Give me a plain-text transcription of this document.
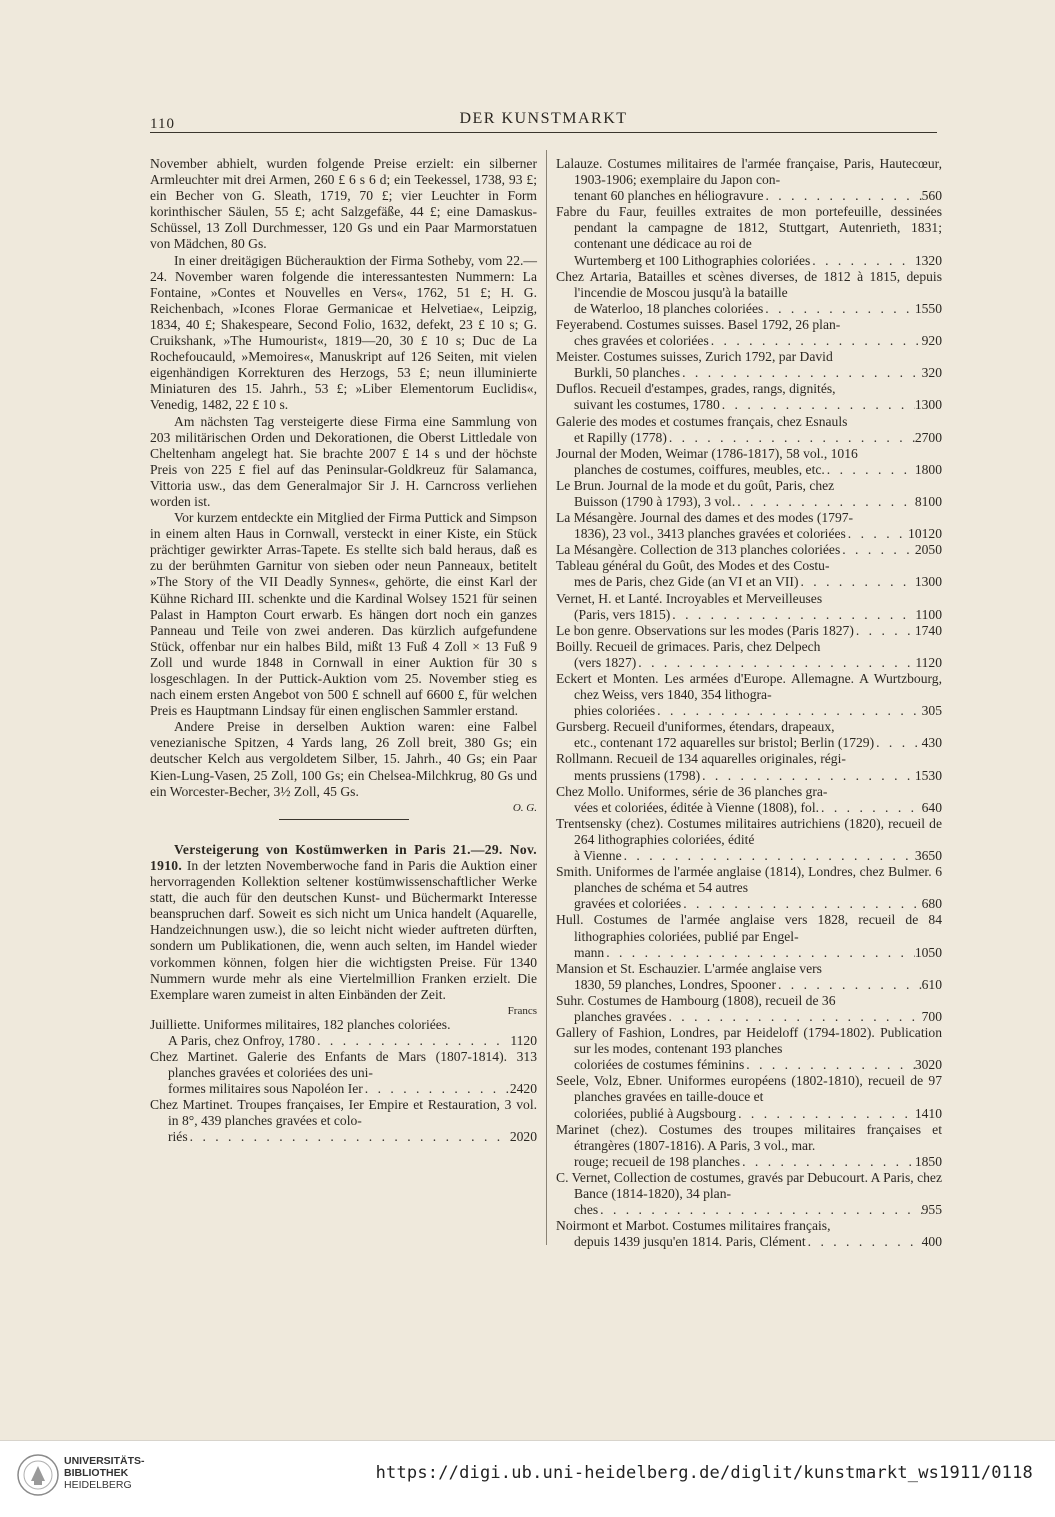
110	DER KUNSTMARKT

November abhielt, wurden folgende Preise erzielt: ein silberner Armleuchter mit drei Armen, 260 £ 6 s 6 d; ein Teekessel, 1738, 93 £; ein Becher von G. Sleath, 1719, 70 £; vier Leuchter in Form korinthischer Säulen, 55 £; acht Salzgefäße, 44 £; eine Damaskus-Schüssel, 13 Zoll Durchmesser, 120 Gs und ein Paar Marmorstatuen von Mädchen, 80 Gs.

In einer dreitägigen Bücherauktion der Firma Sotheby, vom 22.—24. November waren folgende die interessantesten Nummern: La Fontaine, »Contes et Nouvelles en Vers«, 1762, 51 £; H. G. Reichenbach, »Icones Florae Germanicae et Helvetiae«, Leipzig, 1834, 40 £; Shakespeare, Second Folio, 1632, defekt, 23 £ 10 s; G. Cruikshank, »The Humourist«, 1819—20, 30 £ 10 s; Duc de La Rochefoucauld, »Memoires«, Manuskript auf 126 Seiten, mit vielen eigenhändigen Korrekturen des Herzogs, 53 £; neun illuminierte Miniaturen des 15. Jahrh., 53 £; »Liber Elementorum Euclidis«, Venedig, 1482, 22 £ 10 s.

Am nächsten Tag versteigerte diese Firma eine Sammlung von 203 militärischen Orden und Dekorationen, die Oberst Littledale von Cheltenham angelegt hat. Sie brachte 2007 £ 14 s und der höchste Preis von 225 £ fiel auf das Peninsular-Goldkreuz für Salamanca, Vittoria usw., das dem Generalmajor Sir J. H. Carncross verliehen worden ist.

Vor kurzem entdeckte ein Mitglied der Firma Puttick and Simpson in einem alten Haus in Cornwall, versteckt in einer Kiste, ein Stück prächtiger gewirkter Arras-Tapete. Es stellte sich bald heraus, daß es zu der berühmten Garnitur von sieben oder neun Panneaux, betitelt »The Story of the VII Deadly Synnes«, gehörte, die einst Karl der Kühne Richard III. schenkte und die Kardinal Wolsey 1521 für seinen Palast in Hampton Court erwarb. Es hängen dort noch ein ganzes Panneau und Teile von zwei anderen. Das kürzlich aufgefundene Stück, offenbar nur ein halbes Bild, mißt 13 Fuß 4 Zoll × 13 Fuß 9 Zoll und wurde 1848 in Cornwall in einer Auktion für 30 s losgeschlagen. In der Puttick-Auktion vom 25. November stieg es nach einem ersten Angebot von 500 £ schnell auf 6600 £, für welchen Preis es Hauptmann Lindsay für einen englischen Sammler erstand.

Andere Preise in derselben Auktion waren: eine Falbel venezianische Spitzen, 4 Yards lang, 26 Zoll breit, 380 Gs; ein deutscher Kelch aus vergoldetem Silber, 15. Jahrh., 40 Gs; ein Paar Kien-Lung-Vasen, 25 Zoll, 100 Gs; ein Chelsea-Milchkrug, 80 Gs und ein Worcester-Becher, 3½ Zoll, 45 Gs.

O. G.

Versteigerung von Kostümwerken in Paris 21.—29. Nov. 1910. In der letzten Novemberwoche fand in Paris die Auktion einer hervorragenden Kollektion seltener kostümwissenschaftlicher Werke statt, die auch für den deutschen Kunst- und Büchermarkt Interesse beanspruchen darf. Soweit es sich nicht um Unica handelt (Aquarelle, Handzeichnungen usw.), die so leicht nicht wieder auftreten dürften, sondern um Publikationen, die, wenn auch selten, im Handel wieder vorkommen können, folgen hier die wichtigsten Preise. Für 1340 Nummern wurde mehr als eine Viertelmillion Franken erzielt. Die Exemplare waren zumeist in alten Einbänden der Zeit.

Francs
Juilliette. Uniformes militaires, 182 planches coloriées.
A Paris, chez Onfroy, 1780 . . .	1120
Chez Martinet. Galerie des Enfants de Mars (1807-1814). 313 planches gravées et coloriées des uni-
formes militaires sous Napoléon Ier . . .	2420
Chez Martinet. Troupes françaises, Ier Empire et Restauration, 3 vol. in 8°, 439 planches gravées et colo-
riés . . .	2020
Lalauze. Costumes militaires de l'armée française, Paris, Hautecœur, 1903-1906; exemplaire du Japon con-
tenant 60 planches en héliogravure . . .	560
Fabre du Faur, feuilles extraites de mon portefeuille, dessinées pendant la campagne de 1812, Stuttgart, Autenrieth, 1831; contenant une dédicace au roi de
Wurtemberg et 100 Lithographies coloriées . . .	1320
Chez Artaria, Batailles et scènes diverses, de 1812 à 1815, depuis l'incendie de Moscou jusqu'à la bataille
de Waterloo, 18 planches coloriées . . .	1550
Feyerabend. Costumes suisses. Basel 1792, 26 plan-
ches gravées et coloriées . . .	920
Meister. Costumes suisses, Zurich 1792, par David
Burkli, 50 planches . . .	320
Duflos. Recueil d'estampes, grades, rangs, dignités,
suivant les costumes, 1780 . . .	1300
Galerie des modes et costumes français, chez Esnauls
et Rapilly (1778) . . .	2700
Journal der Moden, Weimar (1786-1817), 58 vol., 1016
planches de costumes, coiffures, meubles, etc. . . .	1800
Le Brun. Journal de la mode et du goût, Paris, chez
Buisson (1790 à 1793), 3 vol. . . .	8100
La Mésangère. Journal des dames et des modes (1797-
1836), 23 vol., 3413 planches gravées et coloriées . . .	10120
La Mésangère. Collection de 313 planches coloriées . . .	2050
Tableau général du Goût, des Modes et des Costu-
mes de Paris, chez Gide (an VI et an VII) . . .	1300
Vernet, H. et Lanté. Incroyables et Merveilleuses
(Paris, vers 1815) . . .	1100
Le bon genre. Observations sur les modes (Paris 1827) . . .	1740
Boilly. Recueil de grimaces. Paris, chez Delpech
(vers 1827) . . .	1120
Eckert et Monten. Les armées d'Europe. Allemagne. A Wurtzbourg, chez Weiss, vers 1840, 354 lithogra-
phies coloriées . . .	305
Gursberg. Recueil d'uniformes, étendars, drapeaux,
etc., contenant 172 aquarelles sur bristol; Berlin (1729) . . .	430
Rollmann. Recueil de 134 aquarelles originales, régi-
ments prussiens (1798) . . .	1530
Chez Mollo. Uniformes, série de 36 planches gra-
vées et coloriées, éditée à Vienne (1808), fol. . . .	640
Trentsensky (chez). Costumes militaires autrichiens (1820), recueil de 264 lithographies coloriées, édité
à Vienne . . .	3650
Smith. Uniformes de l'armée anglaise (1814), Londres, chez Bulmer. 6 planches de schéma et 54 autres
gravées et coloriées . . .	680
Hull. Costumes de l'armée anglaise vers 1828, recueil de 84 lithographies coloriées, publié par Engel-
mann . . .	1050
Mansion et St. Eschauzier. L'armée anglaise vers
1830, 59 planches, Londres, Spooner . . .	610
Suhr. Costumes de Hambourg (1808), recueil de 36
planches gravées . . .	700
Gallery of Fashion, Londres, par Heideloff (1794-1802). Publication sur les modes, contenant 193 planches
coloriées de costumes féminins . . .	3020
Seele, Volz, Ebner. Uniformes européens (1802-1810), recueil de 97 planches gravées en taille-douce et
coloriées, publié à Augsbourg . . .	1410
Marinet (chez). Costumes des troupes militaires françaises et étrangères (1807-1816). A Paris, 3 vol., mar.
rouge; recueil de 198 planches . . .	1850
C. Vernet, Collection de costumes, gravés par Debucourt. A Paris, chez Bance (1814-1820), 34 plan-
ches . . .	955
Noirmont et Marbot. Costumes militaires français,
depuis 1439 jusqu'en 1814. Paris, Clément . . .	400
UNIVERSITÄTS-
BIBLIOTHEK
HEIDELBERG
https://digi.ub.uni-heidelberg.de/diglit/kunstmarkt_ws1911/0118
